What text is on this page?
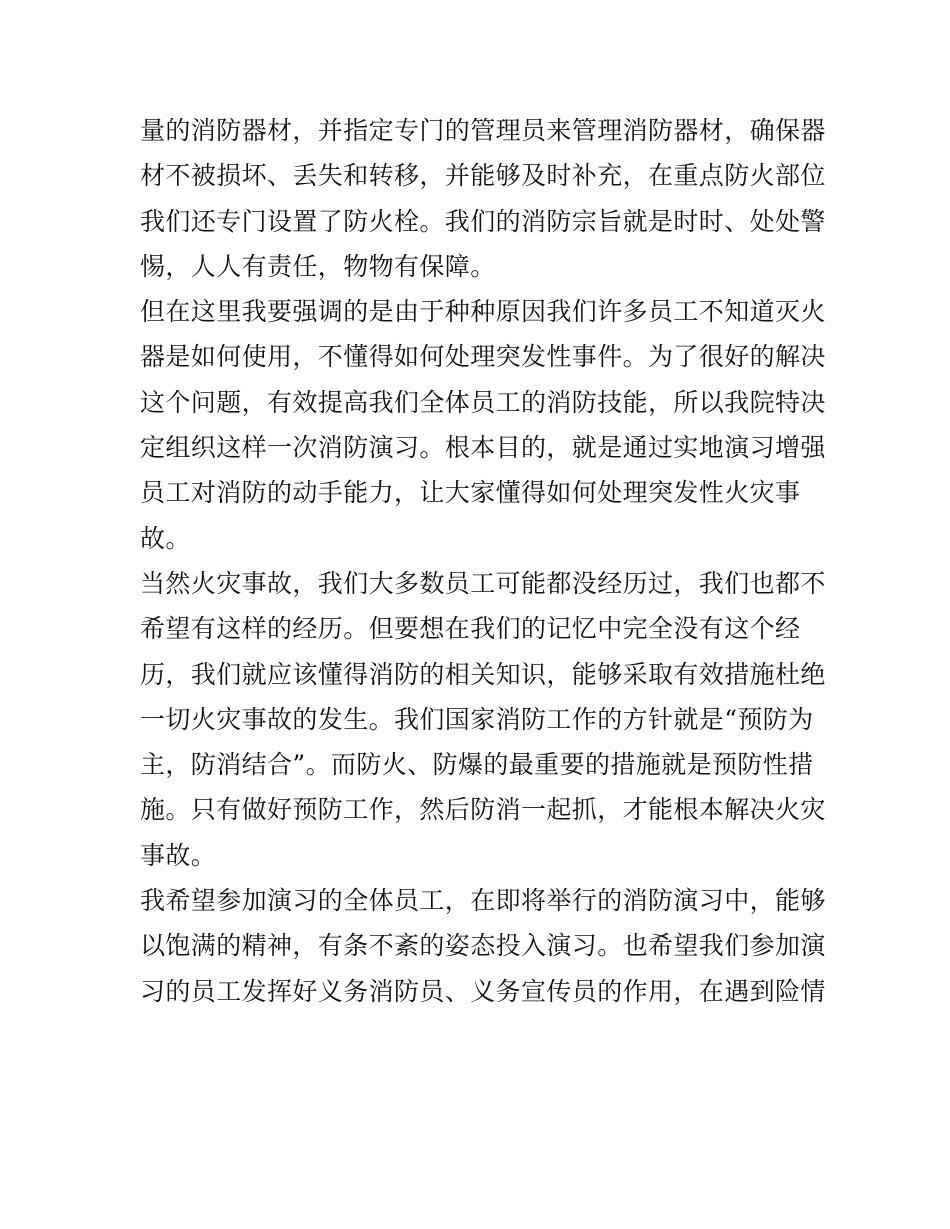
量的消防器材，并指定专门的管理员来管理消防器材，确保器
材不被损坏、丢失和转移，并能够及时补充，在重点防火部位
我们还专门设置了防火栓。我们的消防宗旨就是时时、处处警
惕，人人有责任，物物有保障。
但在这里我要强调的是由于种种原因我们许多员工不知道灭火
器是如何使用，不懂得如何处理突发性事件。为了很好的解决
这个问题，有效提高我们全体员工的消防技能，所以我院特决
定组织这样一次消防演习。根本目的，就是通过实地演习增强
员工对消防的动手能力，让大家懂得如何处理突发性火灾事
故。
当然火灾事故，我们大多数员工可能都没经历过，我们也都不
希望有这样的经历。但要想在我们的记忆中完全没有这个经
历，我们就应该懂得消防的相关知识，能够采取有效措施杜绝
一切火灾事故的发生。我们国家消防工作的方针就是“预防为
主，防消结合”。而防火、防爆的最重要的措施就是预防性措
施。只有做好预防工作，然后防消一起抓，才能根本解决火灾
事故。
我希望参加演习的全体员工，在即将举行的消防演习中，能够
以饱满的精神，有条不紊的姿态投入演习。也希望我们参加演
习的员工发挥好义务消防员、义务宣传员的作用，在遇到险情
